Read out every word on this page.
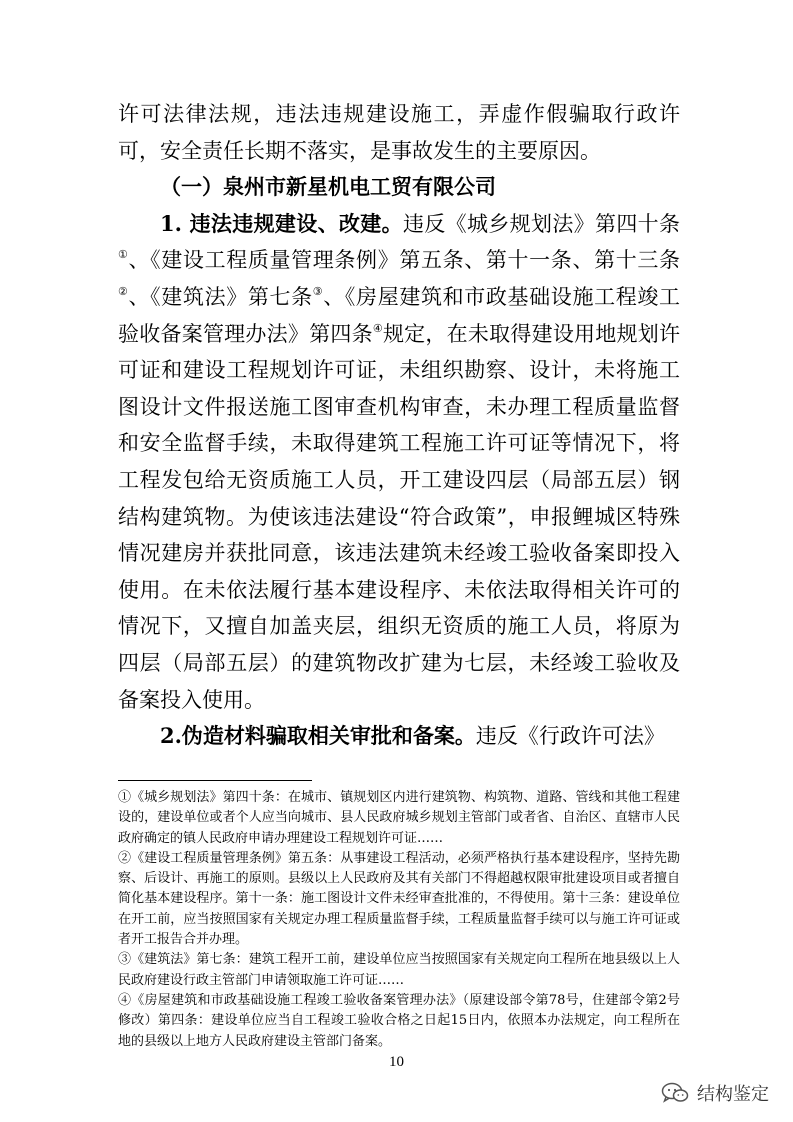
许可法律法规，违法违规建设施工，弄虚作假骗取行政许可，安全责任长期不落实，是事故发生的主要原因。

（一）泉州市新星机电工贸有限公司

1. 违法违规建设、改建。违反《城乡规划法》第四十条①、《建设工程质量管理条例》第五条、第十一条、第十三条②、《建筑法》第七条③、《房屋建筑和市政基础设施工程竣工验收备案管理办法》第四条④规定，在未取得建设用地规划许可证和建设工程规划许可证，未组织勘察、设计，未将施工图设计文件报送施工图审查机构审查，未办理工程质量监督和安全监督手续，未取得建筑工程施工许可证等情况下，将工程发包给无资质施工人员，开工建设四层（局部五层）钢结构建筑物。为使该违法建设“符合政策”，申报鲤城区特殊情况建房并获批同意，该违法建筑未经竣工验收备案即投入使用。在未依法履行基本建设程序、未依法取得相关许可的情况下，又擅自加盖夹层，组织无资质的施工人员，将原为四层（局部五层）的建筑物改扩建为七层，未经竣工验收及备案投入使用。

2.伪造材料骗取相关审批和备案。违反《行政许可法》

①《城乡规划法》第四十条：在城市、镇规划区内进行建筑物、构筑物、道路、管线和其他工程建设的，建设单位或者个人应当向城市、县人民政府城乡规划主管部门或者省、自治区、直辖市人民政府确定的镇人民政府申请办理建设工程规划许可证……

②《建设工程质量管理条例》第五条：从事建设工程活动，必须严格执行基本建设程序，坚持先勘察、后设计、再施工的原则。县级以上人民政府及其有关部门不得超越权限审批建设项目或者擅自简化基本建设程序。第十一条：施工图设计文件未经审查批准的，不得使用。第十三条：建设单位在开工前，应当按照国家有关规定办理工程质量监督手续，工程质量监督手续可以与施工许可证或者开工报告合并办理。

③《建筑法》第七条：建筑工程开工前，建设单位应当按照国家有关规定向工程所在地县级以上人民政府建设行政主管部门申请领取施工许可证……

④《房屋建筑和市政基础设施工程竣工验收备案管理办法》（原建设部令第78号，住建部令第2号修改）第四条：建设单位应当自工程竣工验收合格之日起15日内，依照本办法规定，向工程所在地的县级以上地方人民政府建设主管部门备案。

10
结构鉴定
